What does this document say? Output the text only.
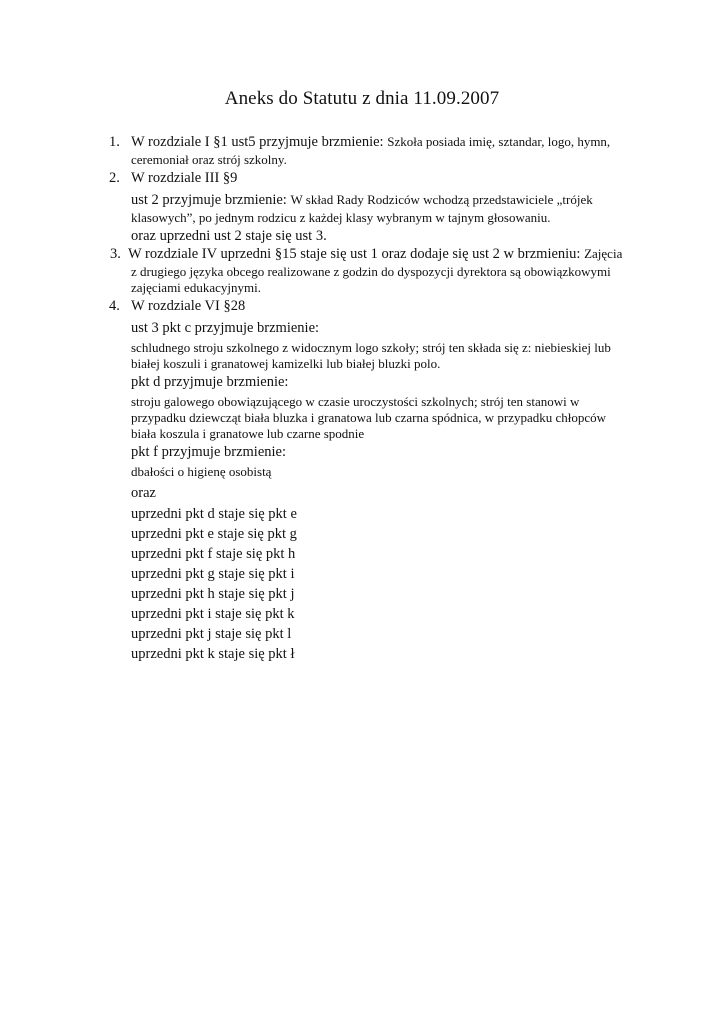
Aneks do Statutu z dnia 11.09.2007
1. W rozdziale I §1 ust5 przyjmuje brzmienie: Szkoła posiada imię, sztandar, logo, hymn,
ceremoniał oraz strój szkolny.
2. W rozdziale III §9
ust 2 przyjmuje brzmienie: W skład Rady Rodziców wchodzą przedstawiciele „trójek
klasowych”, po jednym rodzicu z każdej klasy wybranym w tajnym głosowaniu.
oraz uprzedni ust 2 staje się ust 3.
3. W rozdziale IV uprzedni §15 staje się ust 1 oraz dodaje się ust 2 w brzmieniu: Zajęcia
z drugiego języka obcego realizowane z godzin do dyspozycji dyrektora są obowiązkowymi
zajęciami edukacyjnymi.
4. W rozdziale VI §28
ust 3 pkt c przyjmuje brzmienie:
schludnego stroju szkolnego z widocznym logo szkoły; strój ten składa się z: niebieskiej lub
białej koszuli i granatowej kamizelki lub białej bluzki polo.
pkt d przyjmuje brzmienie:
stroju galowego obowiązującego w czasie uroczystości szkolnych; strój ten stanowi w
przypadku dziewcząt biała bluzka i granatowa lub czarna spódnica, w przypadku chłopców
biała koszula i granatowe lub czarne spodnie
pkt f przyjmuje brzmienie:
dbałości o higienę osobistą
oraz
uprzedni pkt d staje się pkt e
uprzedni pkt e staje się pkt g
uprzedni pkt f staje się pkt h
uprzedni pkt g staje się pkt i
uprzedni pkt h staje się pkt j
uprzedni pkt i staje się pkt k
uprzedni pkt j staje się pkt l
uprzedni pkt k staje się pkt ł
